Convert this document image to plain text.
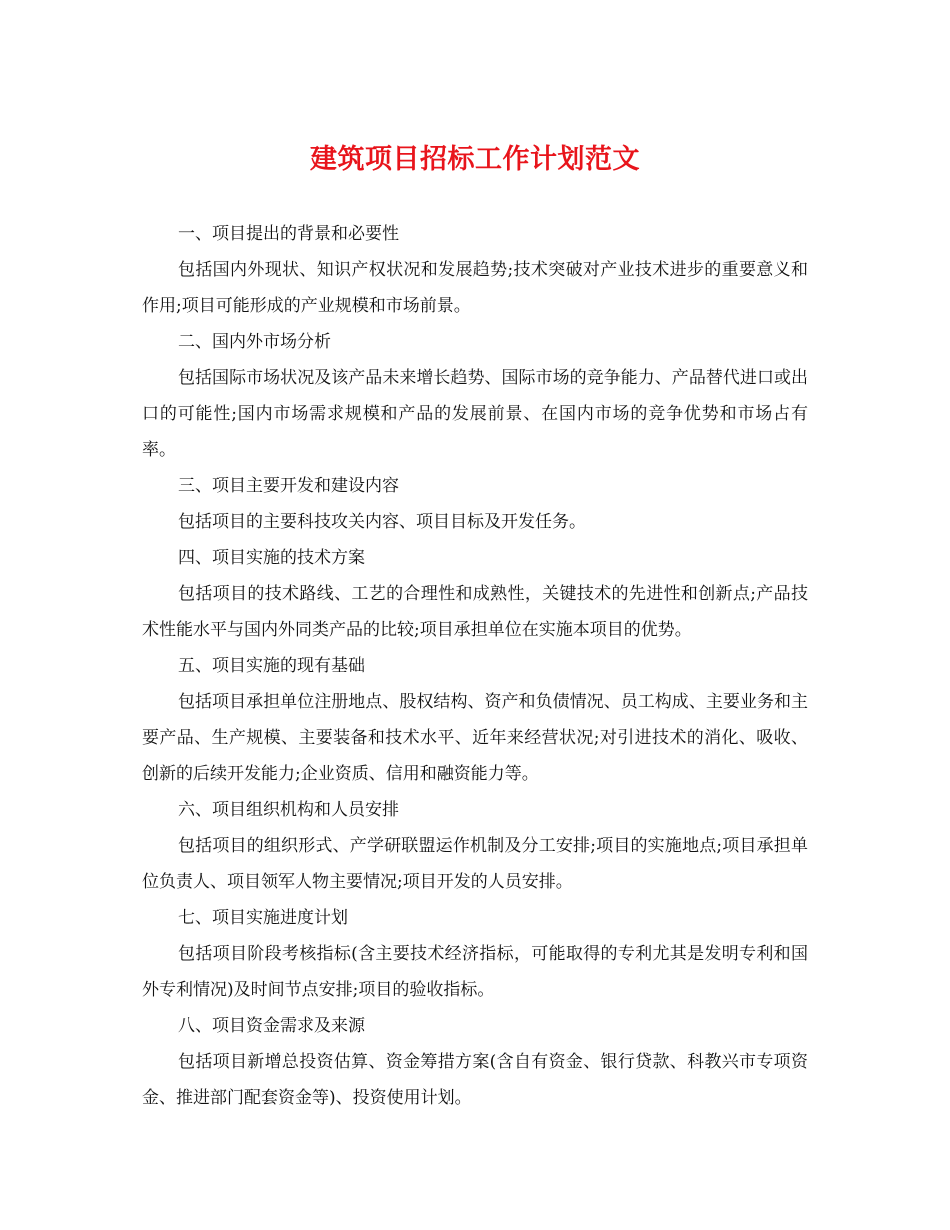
建筑项目招标工作计划范文

一、项目提出的背景和必要性

包括国内外现状、知识产权状况和发展趋势;技术突破对产业技术进步的重要意义和作用;项目可能形成的产业规模和市场前景。

二、国内外市场分析

包括国际市场状况及该产品未来增长趋势、国际市场的竞争能力、产品替代进口或出口的可能性;国内市场需求规模和产品的发展前景、在国内市场的竞争优势和市场占有率。

三、项目主要开发和建设内容

包括项目的主要科技攻关内容、项目目标及开发任务。

四、项目实施的技术方案

包括项目的技术路线、工艺的合理性和成熟性，关键技术的先进性和创新点;产品技术性能水平与国内外同类产品的比较;项目承担单位在实施本项目的优势。

五、项目实施的现有基础

包括项目承担单位注册地点、股权结构、资产和负债情况、员工构成、主要业务和主要产品、生产规模、主要装备和技术水平、近年来经营状况;对引进技术的消化、吸收、创新的后续开发能力;企业资质、信用和融资能力等。

六、项目组织机构和人员安排

包括项目的组织形式、产学研联盟运作机制及分工安排;项目的实施地点;项目承担单位负责人、项目领军人物主要情况;项目开发的人员安排。

七、项目实施进度计划

包括项目阶段考核指标(含主要技术经济指标，可能取得的专利尤其是发明专利和国外专利情况)及时间节点安排;项目的验收指标。

八、项目资金需求及来源

包括项目新增总投资估算、资金筹措方案(含自有资金、银行贷款、科教兴市专项资金、推进部门配套资金等)、投资使用计划。
